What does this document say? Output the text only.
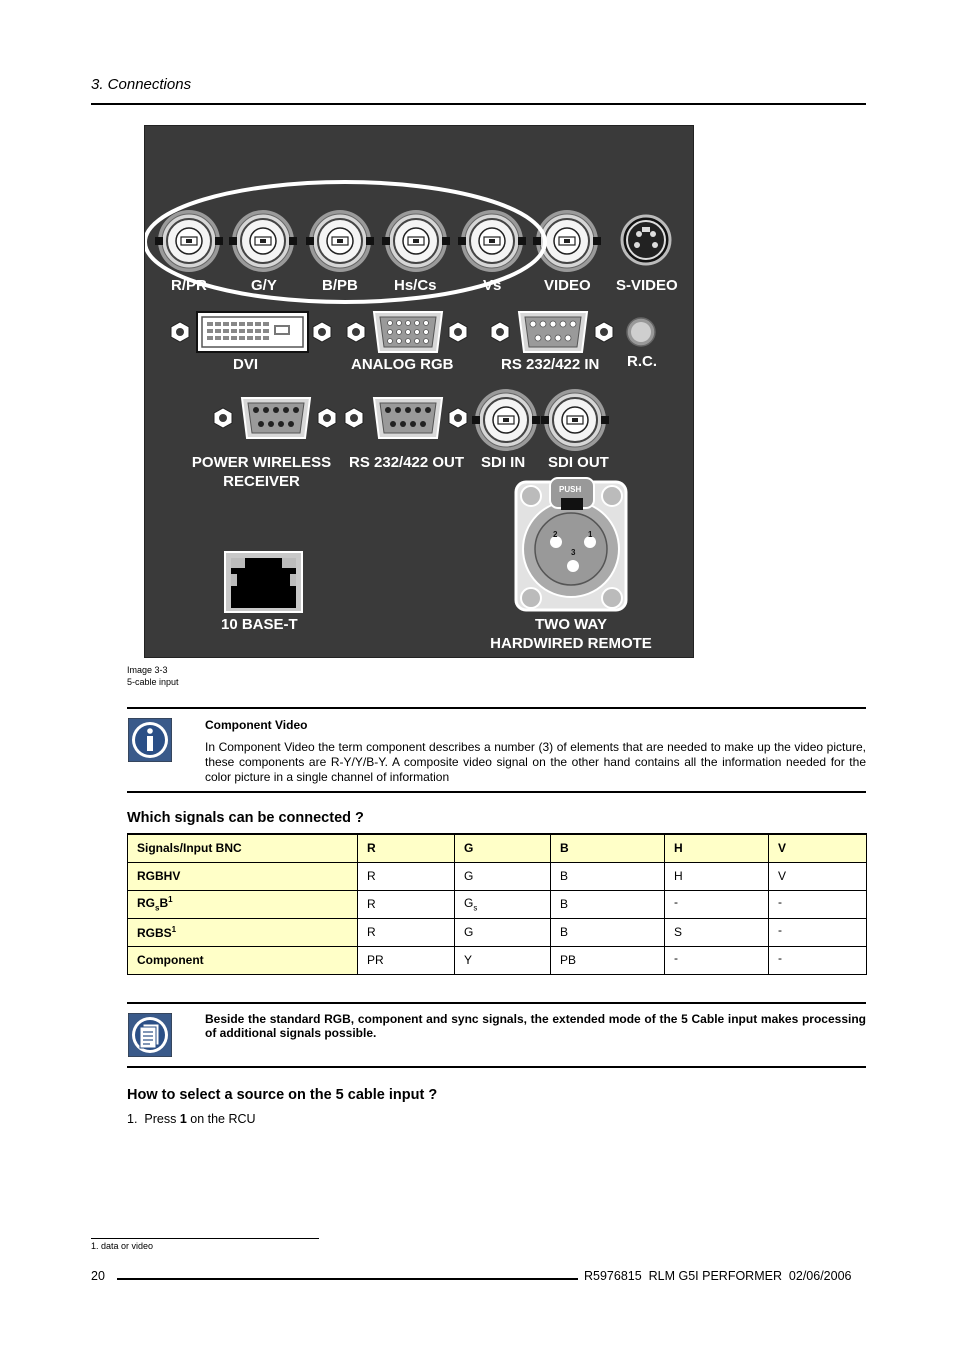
3. Connections
R/PR	G/Y	B/PB Hs/Cs	Vs	VIDEO S-VIDEO
DVI	ANALOG RGB	RS 232/422 IN R.C.
POWER WIRELESS
RECEIVER
RS 232/422 OUT SDI IN SDI OUT
10 BASE-T	TWO WAY
HARDWIRED REMOTE
PUSH
2	1
3
Image 3-3
5-cable input
Component Video
In Component Video the term component describes a number (3) of elements that are needed to make up the video picture, these components are R-Y/Y/B-Y. A composite video signal on the other hand contains all the information needed for the color picture in a single channel of information
Which signals can be connected ?
Signals/Input BNC	R	G	B	H	V
RGBHV	R	G	B	H	V
$RG_sB^1$	R	$G_s$	B	-	-
RGBS$^1$	R	G	B	S	-
Component	PR	Y	PB	-	-
Beside the standard RGB, component and sync signals, the extended mode of the 5 Cable input makes processing of additional signals possible.
How to select a source on the 5 cable input ?
1. Press 1 on the RCU
1. data or video
20	R5976815  RLM G5I PERFORMER  02/06/2006
